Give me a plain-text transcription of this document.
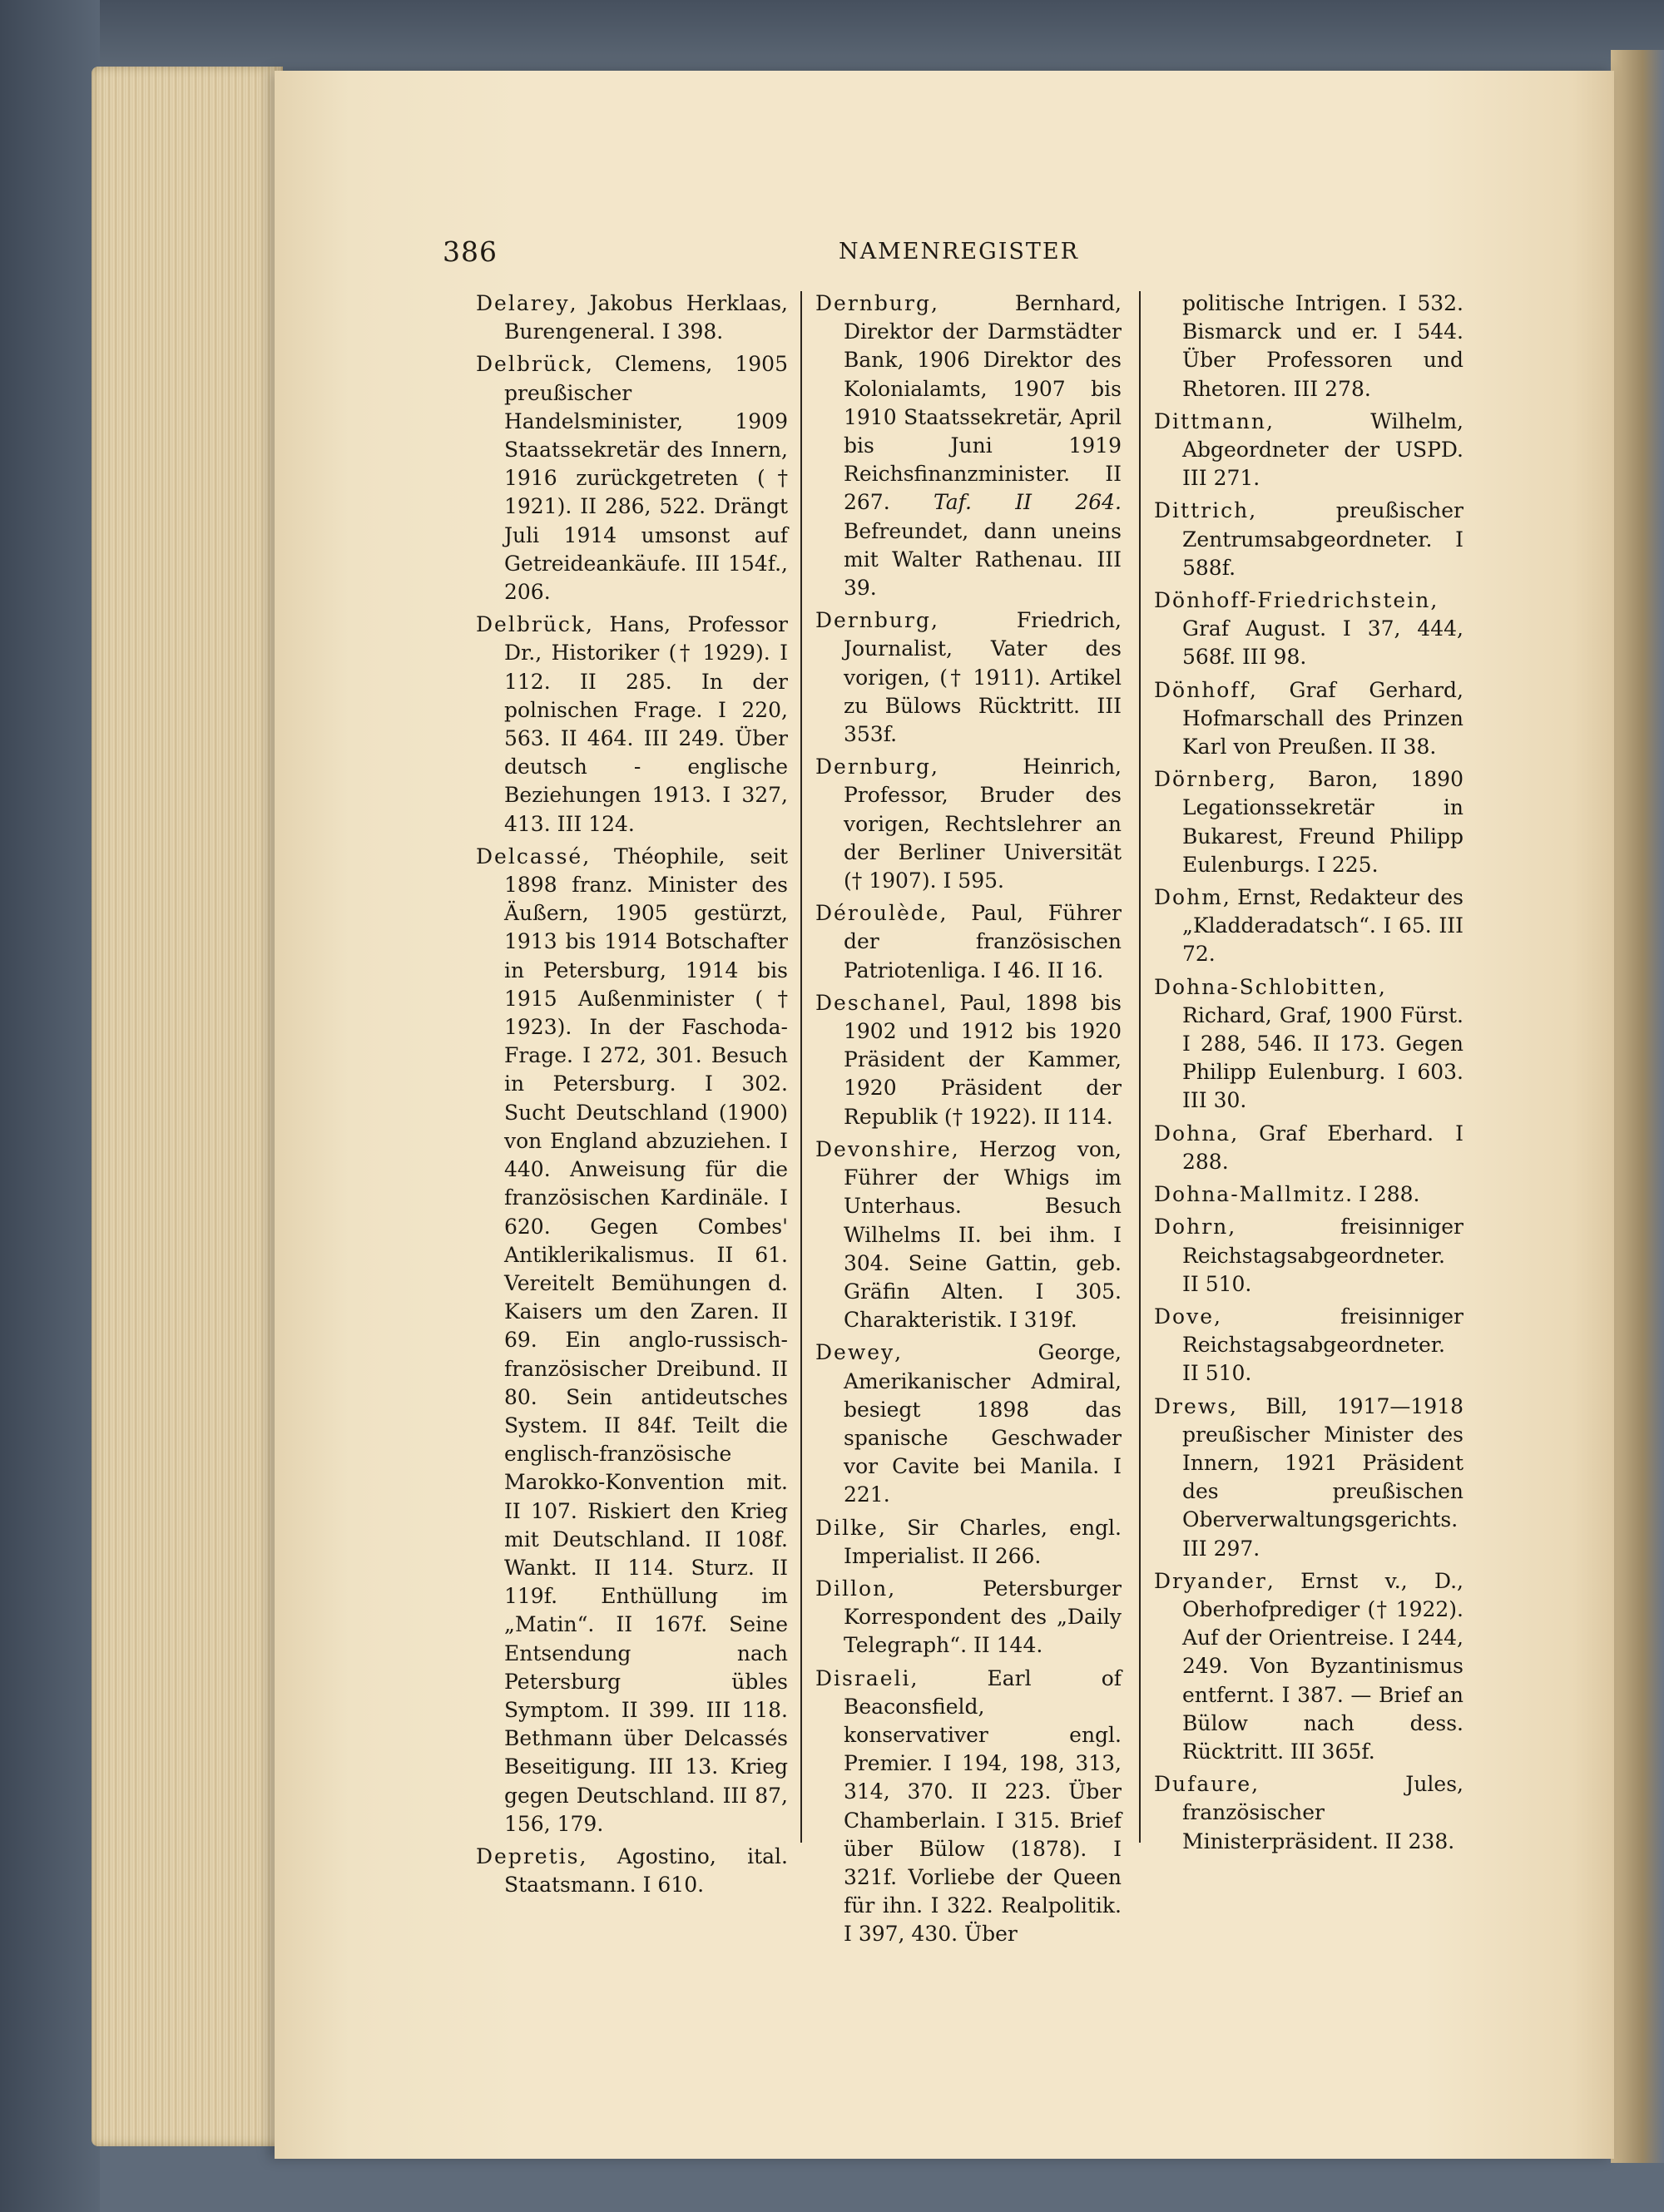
386	NAMENREGISTER

Delarey, Jakobus Herklaas, Burengeneral. I 398.

Delbrück, Clemens, 1905 preußischer Handelsminister, 1909 Staatssekretär des Innern, 1916 zurückgetreten († 1921). II 286, 522. Drängt Juli 1914 umsonst auf Getreideankäufe. III 154f., 206.

Delbrück, Hans, Professor Dr., Historiker († 1929). I 112. II 285. In der polnischen Frage. I 220, 563. II 464. III 249. Über deutsch - englische Beziehungen 1913. I 327, 413. III 124.

Delcassé, Théophile, seit 1898 franz. Minister des Äußern, 1905 gestürzt, 1913 bis 1914 Botschafter in Petersburg, 1914 bis 1915 Außenminister († 1923). In der Faschoda-Frage. I 272, 301. Besuch in Petersburg. I 302. Sucht Deutschland (1900) von England abzuziehen. I 440. Anweisung für die französischen Kardinäle. I 620. Gegen Combes' Antiklerikalismus. II 61. Vereitelt Bemühungen d. Kaisers um den Zaren. II 69. Ein anglo-russisch-französischer Dreibund. II 80. Sein antideutsches System. II 84f. Teilt die englisch-französische Marokko-Konvention mit. II 107. Riskiert den Krieg mit Deutschland. II 108f. Wankt. II 114. Sturz. II 119f. Enthüllung im „Matin“. II 167f. Seine Entsendung nach Petersburg übles Symptom. II 399. III 118. Bethmann über Delcassés Beseitigung. III 13. Krieg gegen Deutschland. III 87, 156, 179.

Depretis, Agostino, ital. Staatsmann. I 610.

Dernburg, Bernhard, Direktor der Darmstädter Bank, 1906 Direktor des Kolonialamts, 1907 bis 1910 Staatssekretär, April bis Juni 1919 Reichsfinanzminister. II 267. Taf. II 264. Befreundet, dann uneins mit Walter Rathenau. III 39.

Dernburg, Friedrich, Journalist, Vater des vorigen, († 1911). Artikel zu Bülows Rücktritt. III 353f.

Dernburg, Heinrich, Professor, Bruder des vorigen, Rechtslehrer an der Berliner Universität († 1907). I 595.

Déroulède, Paul, Führer der französischen Patriotenliga. I 46. II 16.

Deschanel, Paul, 1898 bis 1902 und 1912 bis 1920 Präsident der Kammer, 1920 Präsident der Republik († 1922). II 114.

Devonshire, Herzog von, Führer der Whigs im Unterhaus. Besuch Wilhelms II. bei ihm. I 304. Seine Gattin, geb. Gräfin Alten. I 305. Charakteristik. I 319f.

Dewey, George, Amerikanischer Admiral, besiegt 1898 das spanische Geschwader vor Cavite bei Manila. I 221.

Dilke, Sir Charles, engl. Imperialist. II 266.

Dillon, Petersburger Korrespondent des „Daily Telegraph“. II 144.

Disraeli, Earl of Beaconsfield, konservativer engl. Premier. I 194, 198, 313, 314, 370. II 223. Über Chamberlain. I 315. Brief über Bülow (1878). I 321f. Vorliebe der Queen für ihn. I 322. Realpolitik. I 397, 430. Über

politische Intrigen. I 532. Bismarck und er. I 544. Über Professoren und Rhetoren. III 278.

Dittmann, Wilhelm, Abgeordneter der USPD. III 271.

Dittrich, preußischer Zentrumsabgeordneter. I 588f.

Dönhoff-Friedrichstein, Graf August. I 37, 444, 568f. III 98.

Dönhoff, Graf Gerhard, Hofmarschall des Prinzen Karl von Preußen. II 38.

Dörnberg, Baron, 1890 Legationssekretär in Bukarest, Freund Philipp Eulenburgs. I 225.

Dohm, Ernst, Redakteur des „Kladderadatsch“. I 65. III 72.

Dohna-Schlobitten, Richard, Graf, 1900 Fürst. I 288, 546. II 173. Gegen Philipp Eulenburg. I 603. III 30.

Dohna, Graf Eberhard. I 288.

Dohna-Mallmitz. I 288.

Dohrn, freisinniger Reichstagsabgeordneter. II 510.

Dove, freisinniger Reichstagsabgeordneter. II 510.

Drews, Bill, 1917—1918 preußischer Minister des Innern, 1921 Präsident des preußischen Oberverwaltungsgerichts. III 297.

Dryander, Ernst v., D., Oberhofprediger († 1922). Auf der Orientreise. I 244, 249. Von Byzantinismus entfernt. I 387. — Brief an Bülow nach dess. Rücktritt. III 365f.

Dufaure, Jules, französischer Ministerpräsident. II 238.
